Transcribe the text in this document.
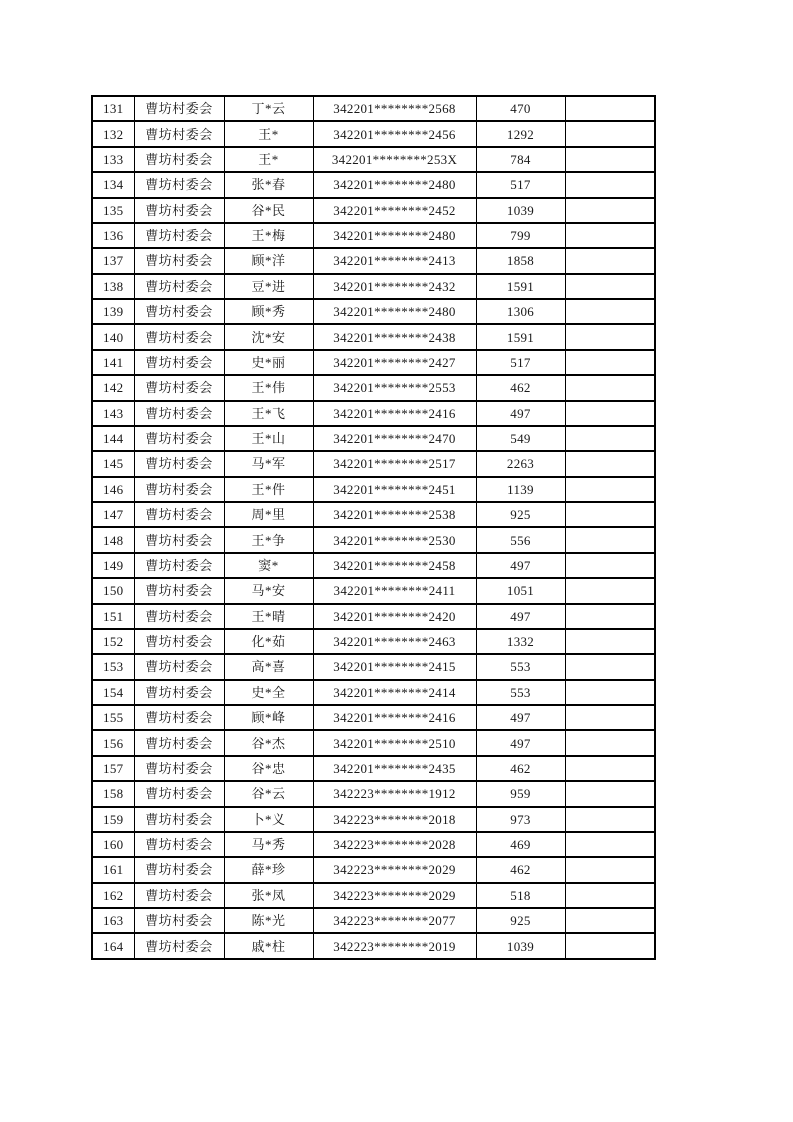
131	曹坊村委会	丁*云	342201********2568	470	
132	曹坊村委会	王*	342201********2456	1292	
133	曹坊村委会	王*	342201********253X	784	
134	曹坊村委会	张*春	342201********2480	517	
135	曹坊村委会	谷*民	342201********2452	1039	
136	曹坊村委会	王*梅	342201********2480	799	
137	曹坊村委会	顾*洋	342201********2413	1858	
138	曹坊村委会	豆*进	342201********2432	1591	
139	曹坊村委会	顾*秀	342201********2480	1306	
140	曹坊村委会	沈*安	342201********2438	1591	
141	曹坊村委会	史*丽	342201********2427	517	
142	曹坊村委会	王*伟	342201********2553	462	
143	曹坊村委会	王*飞	342201********2416	497	
144	曹坊村委会	王*山	342201********2470	549	
145	曹坊村委会	马*军	342201********2517	2263	
146	曹坊村委会	王*件	342201********2451	1139	
147	曹坊村委会	周*里	342201********2538	925	
148	曹坊村委会	王*争	342201********2530	556	
149	曹坊村委会	窦*	342201********2458	497	
150	曹坊村委会	马*安	342201********2411	1051	
151	曹坊村委会	王*晴	342201********2420	497	
152	曹坊村委会	化*茹	342201********2463	1332	
153	曹坊村委会	高*喜	342201********2415	553	
154	曹坊村委会	史*全	342201********2414	553	
155	曹坊村委会	顾*峰	342201********2416	497	
156	曹坊村委会	谷*杰	342201********2510	497	
157	曹坊村委会	谷*忠	342201********2435	462	
158	曹坊村委会	谷*云	342223********1912	959	
159	曹坊村委会	卜*义	342223********2018	973	
160	曹坊村委会	马*秀	342223********2028	469	
161	曹坊村委会	薛*珍	342223********2029	462	
162	曹坊村委会	张*凤	342223********2029	518	
163	曹坊村委会	陈*光	342223********2077	925	
164	曹坊村委会	戚*柱	342223********2019	1039	
